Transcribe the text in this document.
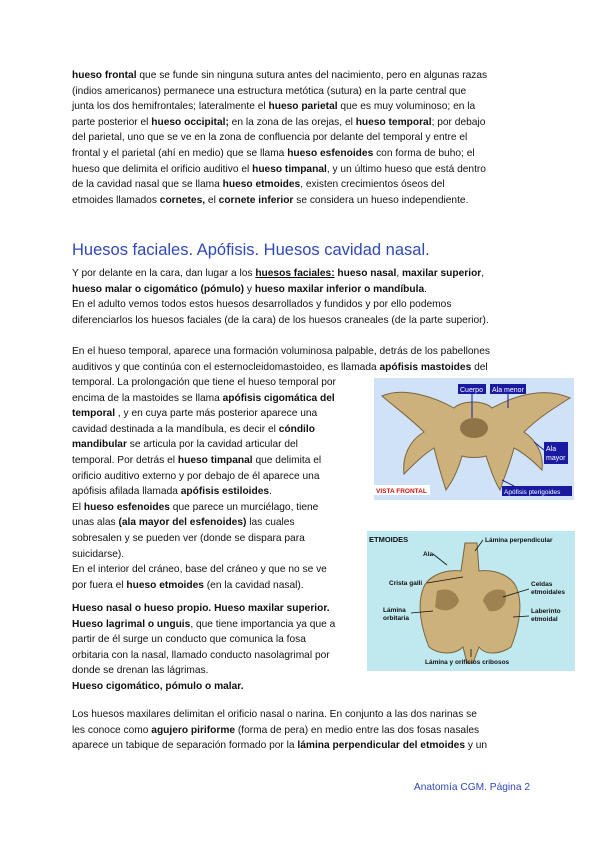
hueso frontal que se funde sin ninguna sutura antes del nacimiento, pero en algunas razas
(indios americanos) permanece una estructura metótica (sutura) en la parte central que
junta los dos hemifrontales; lateralmente el hueso parietal que es muy voluminoso; en la
parte posterior el hueso occipital; en la zona de las orejas, el hueso temporal; por debajo
del parietal, uno que se ve en la zona de confluencia por delante del temporal y entre el
frontal y el parietal (ahí en medio) que se llama hueso esfenoides con forma de buho; el
hueso que delimita el orificio auditivo el hueso timpanal, y un último hueso que está dentro
de la cavidad nasal que se llama hueso etmoides, existen crecimientos óseos del
etmoides llamados cornetes, el cornete inferior se considera un hueso independiente.
Huesos faciales. Apófisis. Huesos cavidad nasal.
Y por delante en la cara, dan lugar a los huesos faciales: hueso nasal, maxilar superior,
hueso malar o cigomático (pómulo) y hueso maxilar inferior o mandíbula.
En el adulto vemos todos estos huesos desarrollados y fundidos y por ello podemos
diferenciarlos los huesos faciales (de la cara) de los huesos craneales (de la parte superior).
En el hueso temporal, aparece una formación voluminosa palpable, detrás de los pabellones
auditivos y que continúa con el esternocleidomastoideo, es llamada apófisis mastoides del
temporal. La prolongación que tiene el hueso temporal por
encima de la mastoides se llama apófisis cigomática del
temporal , y en cuya parte más posterior aparece una
cavidad destinada a la mandíbula, es decir el cóndilo
mandibular se articula por la cavidad articular del
temporal. Por detrás el hueso timpanal que delimita el
orificio auditivo externo y por debajo de él aparece una
apófisis afilada llamada apófisis estiloides.
El hueso esfenoides que parece un murciélago, tiene
unas alas (ala mayor del esfenoides) las cuales
sobresalen y se pueden ver (donde se dispara para
suicidarse).
En el interior del cráneo, base del cráneo y que no se ve
por fuera el hueso etmoides (en la cavidad nasal).
Hueso nasal o hueso propio. Hueso maxilar superior.
Hueso lagrimal o unguis, que tiene importancia ya que a
partir de él surge un conducto que comunica la fosa
orbitaria con la nasal, llamado conducto nasolagrimal por
donde se drenan las lágrimas.
Hueso cigomático, pómulo o malar.
Los huesos maxilares delimitan el orificio nasal o narina. En conjunto a las dos narinas se
les conoce como agujero piriforme (forma de pera) en medio entre las dos fosas nasales
aparece un tabique de separación formado por la lámina perpendicular del etmoides y un
Cuerpo Ala menor
Ala
mayor
VISTA FRONTAL	Apófisis pterigoides
ETMOIDES	Lámina perpendicular
Ala
Crista galli
Lámina
orbitaria
Celdas
etmoidales
Laberinto
etmoidal
Lámina y orificios cribosos
Anatomía CGM. Página 2
